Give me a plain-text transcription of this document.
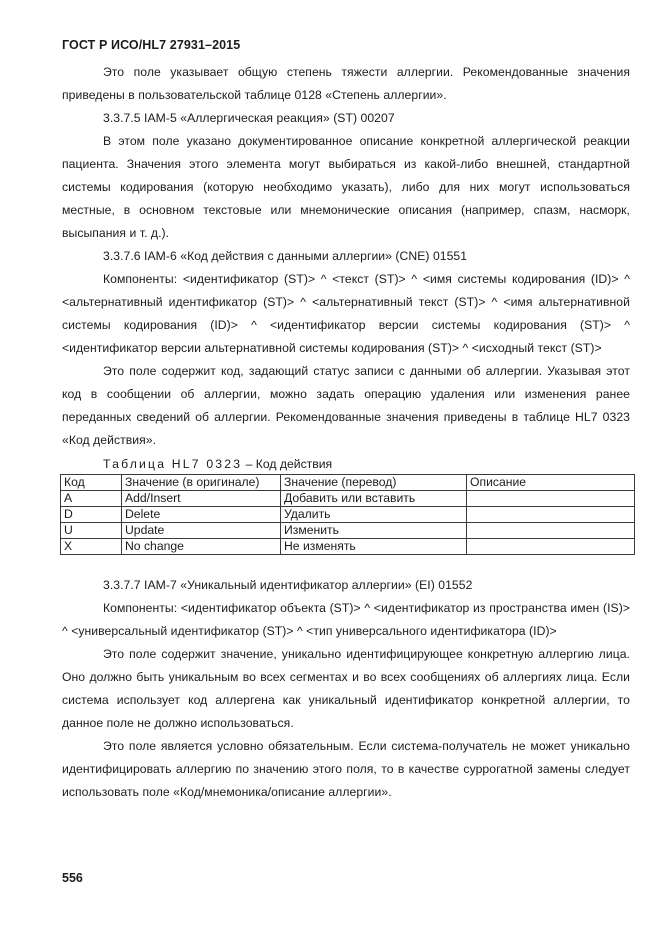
ГОСТ Р ИСО/HL7 27931–2015

Это поле указывает общую степень тяжести аллергии. Рекомендованные значения приведены в пользовательской таблице 0128 «Степень аллергии».

3.3.7.5 IAM-5 «Аллергическая реакция» (ST) 00207

В этом поле указано документированное описание конкретной аллергической реакции пациента. Значения этого элемента могут выбираться из какой-либо внешней, стандартной системы кодирования (которую необходимо указать), либо для них могут использоваться местные, в основном текстовые или мнемонические описания (например, спазм, насморк, высыпания и т. д.).

3.3.7.6 IAM-6 «Код действия с данными аллергии» (CNE) 01551

Компоненты: <идентификатор (ST)> ^ <текст (ST)> ^ <имя системы кодирования (ID)> ^ <альтернативный идентификатор (ST)> ^ <альтернативный текст (ST)> ^ <имя альтернативной системы кодирования (ID)> ^ <идентификатор версии системы кодирования (ST)> ^ <идентификатор версии альтернативной системы кодирования (ST)> ^ <исходный текст (ST)>

Это поле содержит код, задающий статус записи с данными об аллергии. Указывая этот код в сообщении об аллергии, можно задать операцию удаления или изменения ранее переданных сведений об аллергии. Рекомендованные значения приведены в таблице HL7 0323 «Код действия».

Таблица HL7 0323 – Код действия
Код	Значение (в оригинале)	Значение (перевод)	Описание
A	Add/Insert	Добавить или вставить	
D	Delete	Удалить	
U	Update	Изменить	
X	No change	Не изменять	

3.3.7.7 IAM-7 «Уникальный идентификатор аллергии» (EI) 01552

Компоненты: <идентификатор объекта (ST)> ^ <идентификатор из пространства имен (IS)> ^ <универсальный идентификатор (ST)> ^ <тип универсального идентификатора (ID)>

Это поле содержит значение, уникально идентифицирующее конкретную аллергию лица. Оно должно быть уникальным во всех сегментах и во всех сообщениях об аллергиях лица. Если система использует код аллергена как уникальный идентификатор конкретной аллергии, то данное поле не должно использоваться.

Это поле является условно обязательным. Если система-получатель не может уникально идентифицировать аллергию по значению этого поля, то в качестве суррогатной замены следует использовать поле «Код/мнемоника/описание аллергии».

556
